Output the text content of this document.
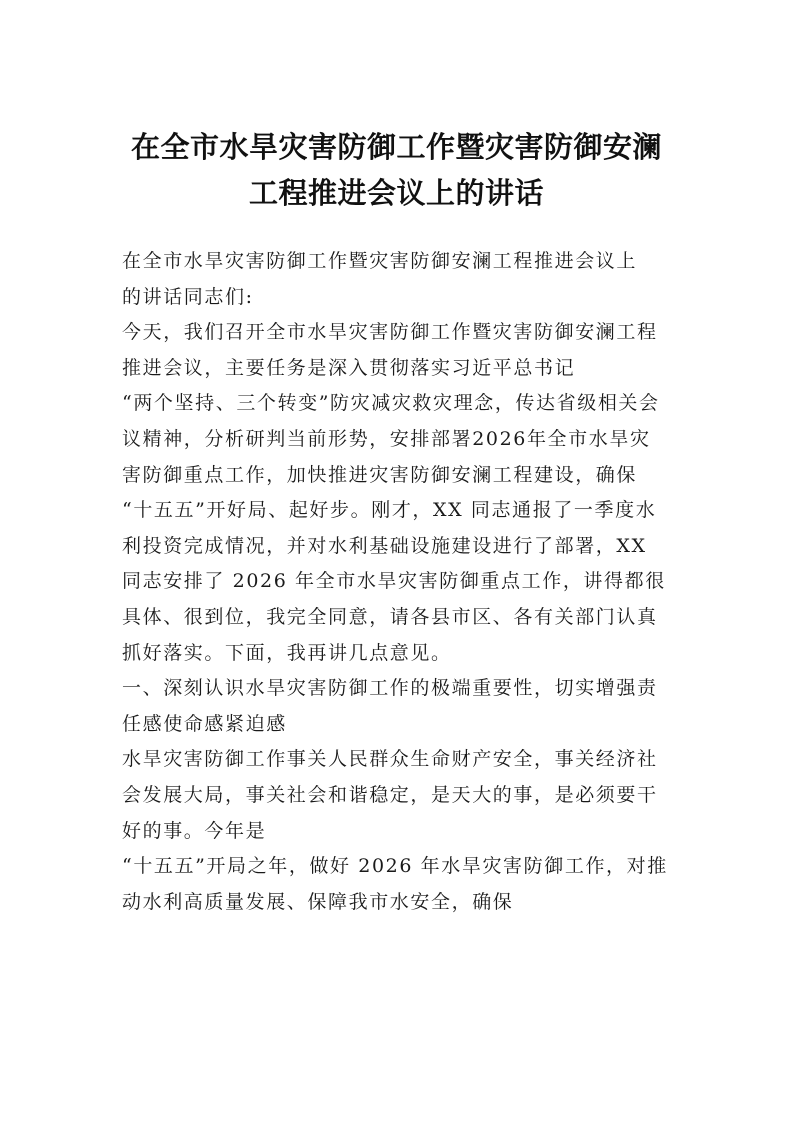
在全市水旱灾害防御工作暨灾害防御安澜
工程推进会议上的讲话
在全市水旱灾害防御工作暨灾害防御安澜工程推进会议上
的讲话同志们:
今天，我们召开全市水旱灾害防御工作暨灾害防御安澜工程
推进会议，主要任务是深入贯彻落实习近平总书记
“两个坚持、三个转变”防灾减灾救灾理念，传达省级相关会
议精神，分析研判当前形势，安排部署2026年全市水旱灾
害防御重点工作，加快推进灾害防御安澜工程建设，确保
“十五五”开好局、起好步。刚才，XX 同志通报了一季度水
利投资完成情况，并对水利基础设施建设进行了部署，XX
同志安排了 2026 年全市水旱灾害防御重点工作，讲得都很
具体、很到位，我完全同意，请各县市区、各有关部门认真
抓好落实。下面，我再讲几点意见。
一、深刻认识水旱灾害防御工作的极端重要性，切实增强责
任感使命感紧迫感
水旱灾害防御工作事关人民群众生命财产安全，事关经济社
会发展大局，事关社会和谐稳定，是天大的事，是必须要干
好的事。今年是
“十五五”开局之年，做好 2026 年水旱灾害防御工作，对推
动水利高质量发展、保障我市水安全，确保
